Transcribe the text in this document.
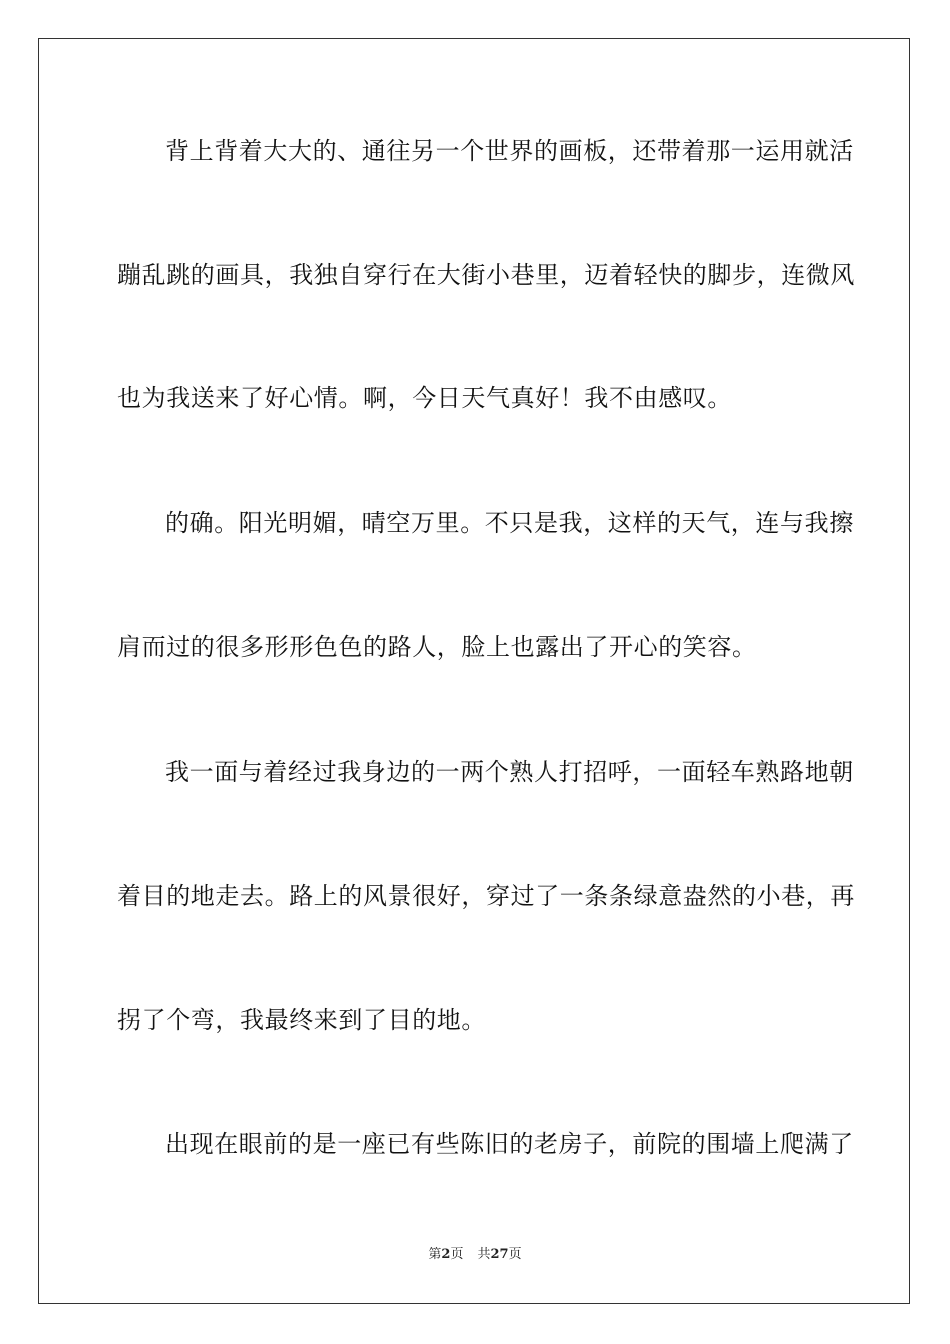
背上背着大大的、通往另一个世界的画板，还带着那一运用就活
蹦乱跳的画具，我独自穿行在大街小巷里，迈着轻快的脚步，连微风
也为我送来了好心情。啊，今日天气真好！我不由感叹。
的确。阳光明媚，晴空万里。不只是我，这样的天气，连与我擦
肩而过的很多形形色色的路人，脸上也露出了开心的笑容。
我一面与着经过我身边的一两个熟人打招呼，一面轻车熟路地朝
着目的地走去。路上的风景很好，穿过了一条条绿意盎然的小巷，再
拐了个弯，我最终来到了目的地。
出现在眼前的是一座已有些陈旧的老房子，前院的围墙上爬满了
第2页 共27页
